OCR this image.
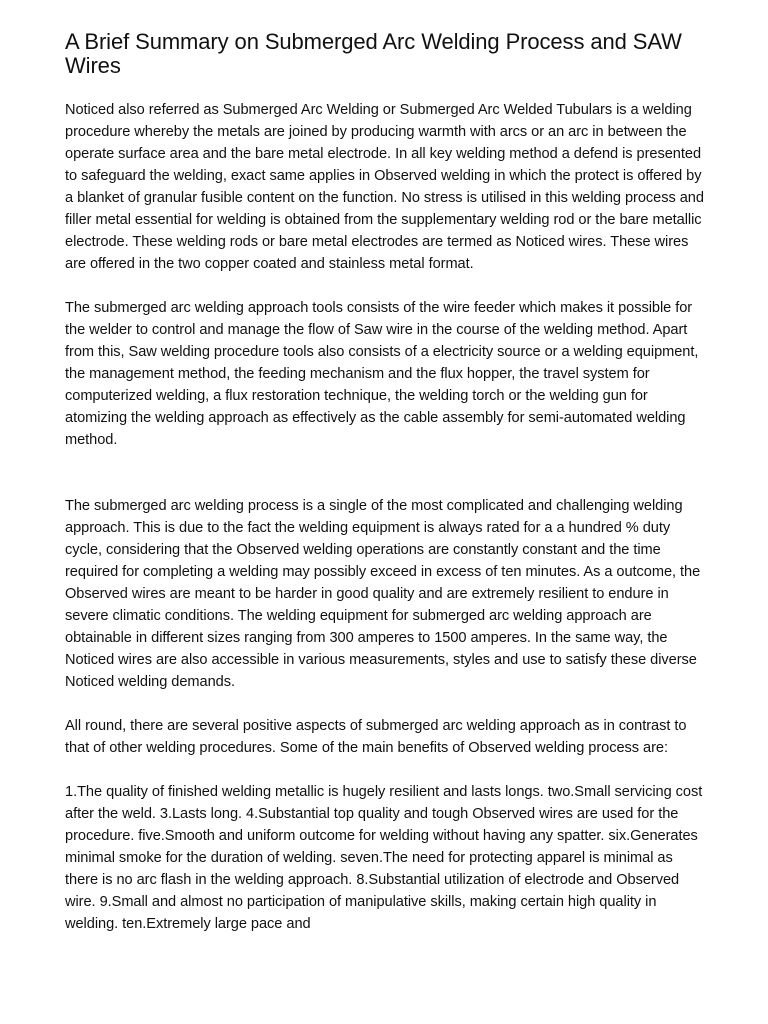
A Brief Summary on Submerged Arc Welding Process and SAW Wires

Noticed also referred as Submerged Arc Welding or Submerged Arc Welded Tubulars is a welding procedure whereby the metals are joined by producing warmth with arcs or an arc in between the operate surface area and the bare metal electrode. In all key welding method a defend is presented to safeguard the welding, exact same applies in Observed welding in which the protect is offered by a blanket of granular fusible content on the function. No stress is utilised in this welding process and filler metal essential for welding is obtained from the supplementary welding rod or the bare metallic electrode. These welding rods or bare metal electrodes are termed as Noticed wires. These wires are offered in the two copper coated and stainless metal format.

The submerged arc welding approach tools consists of the wire feeder which makes it possible for the welder to control and manage the flow of Saw wire in the course of the welding method. Apart from this, Saw welding procedure tools also consists of a electricity source or a welding equipment, the management method, the feeding mechanism and the flux hopper, the travel system for computerized welding, a flux restoration technique, the welding torch or the welding gun for atomizing the welding approach as effectively as the cable assembly for semi-automated welding method.

The submerged arc welding process is a single of the most complicated and challenging welding approach. This is due to the fact the welding equipment is always rated for a a hundred % duty cycle, considering that the Observed welding operations are constantly constant and the time required for completing a welding may possibly exceed in excess of ten minutes. As a outcome, the Observed wires are meant to be harder in good quality and are extremely resilient to endure in severe climatic conditions. The welding equipment for submerged arc welding approach are obtainable in different sizes ranging from 300 amperes to 1500 amperes. In the same way, the Noticed wires are also accessible in various measurements, styles and use to satisfy these diverse Noticed welding demands.

All round, there are several positive aspects of submerged arc welding approach as in contrast to that of other welding procedures. Some of the main benefits of Observed welding process are:

1.The quality of finished welding metallic is hugely resilient and lasts longs. two.Small servicing cost after the weld. 3.Lasts long. 4.Substantial top quality and tough Observed wires are used for the procedure. five.Smooth and uniform outcome for welding without having any spatter. six.Generates minimal smoke for the duration of welding. seven.The need for protecting apparel is minimal as there is no arc flash in the welding approach. 8.Substantial utilization of electrode and Observed wire. 9.Small and almost no participation of manipulative skills, making certain high quality in welding. ten.Extremely large pace and
